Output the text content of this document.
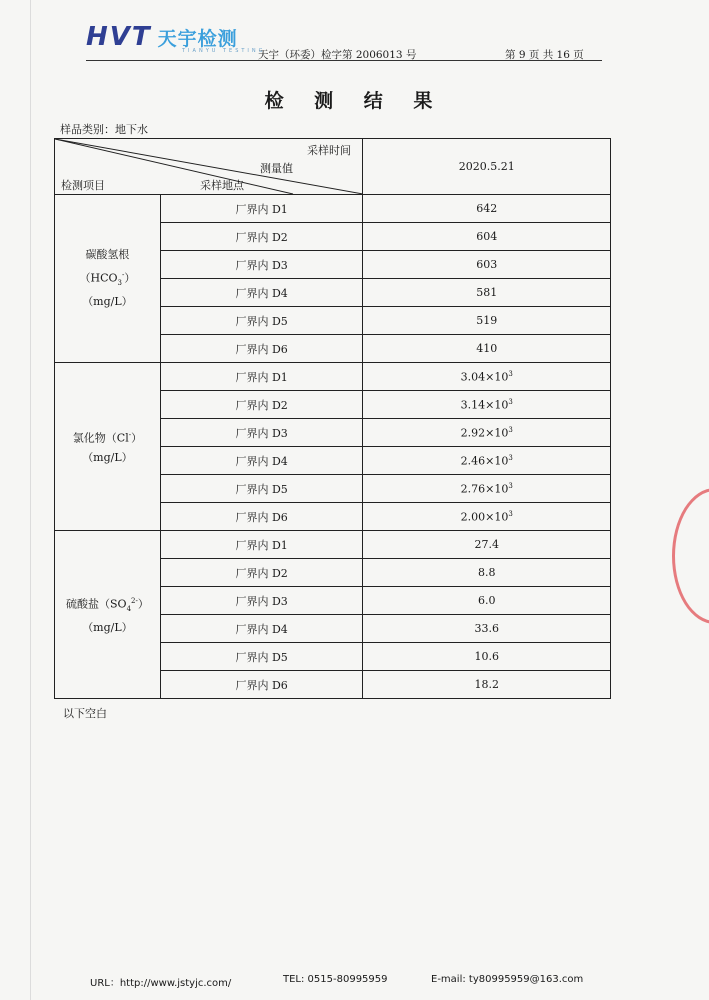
HVT 天宇检测
TIANYU TESTING
天宇（环委）检字第 2006013 号	第 9 页 共 16 页
检 测 结 果
样品类别：地下水
采样时间
测量值
检测项目 采样地点		2020.5.21

碳酸氢根
$(HCO_3^-)$
（mg/L）	厂界内 D1	642
	厂界内 D2	604
	厂界内 D3	603
	厂界内 D4	581
	厂界内 D5	519
	厂界内 D6	410

氯化物（Cl-）
（mg/L）	厂界内 D1	$3.04\times 10^3$
	厂界内 D2	$3.14\times 10^3$
	厂界内 D3	$2.92\times 10^3$
	厂界内 D4	$2.46\times 10^3$
	厂界内 D5	$2.76\times 10^3$
	厂界内 D6	$2.00\times 10^3$

硫酸盐$(SO_4^{2-})$
（mg/L）	厂界内 D1	27.4
	厂界内 D2	8.8
	厂界内 D3	6.0
	厂界内 D4	33.6
	厂界内 D5	10.6
	厂界内 D6	18.2
以下空白
URL：http://www.jstyjc.com/	TEL: 0515-80995959	E-mail: ty80995959@163.com
